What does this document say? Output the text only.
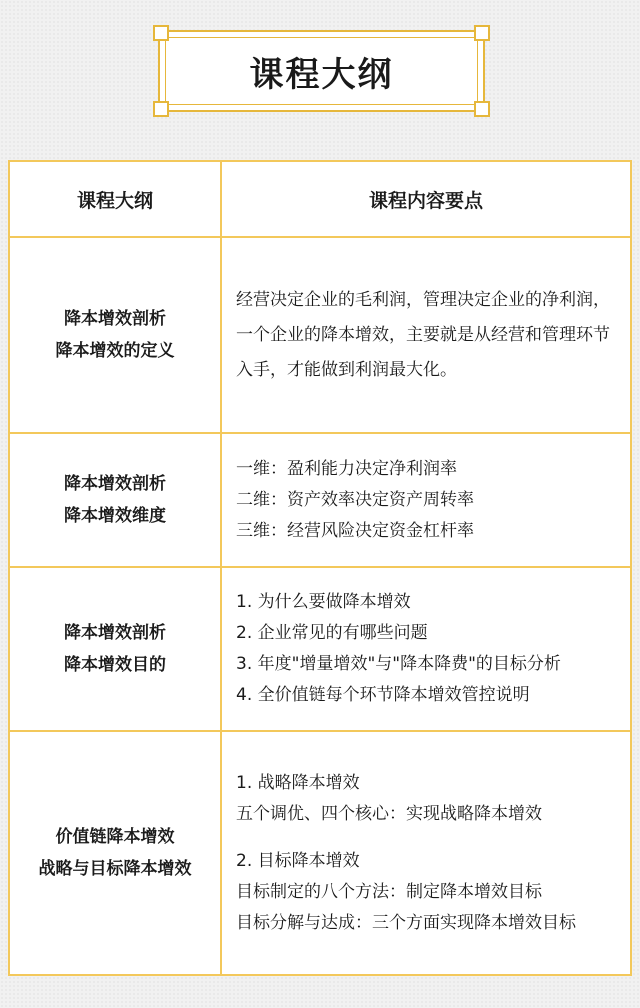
课程大纲
课程大纲	课程内容要点

降本增效剖析
降本增效的定义	经营决定企业的毛利润，管理决定企业的净利润，一个企业的降本增效，主要就是从经营和管理环节入手，才能做到利润最大化。

降本增效剖析
降本增效维度	一维：盈利能力决定净利润率
二维：资产效率决定资产周转率
三维：经营风险决定资金杠杆率

降本增效剖析
降本增效目的	1. 为什么要做降本增效
2. 企业常见的有哪些问题
3. 年度"增量增效"与"降本降费"的目标分析
4. 全价值链每个环节降本增效管控说明

价值链降本增效
战略与目标降本增效	1. 战略降本增效
五个调优、四个核心：实现战略降本增效
2. 目标降本增效
目标制定的八个方法：制定降本增效目标
目标分解与达成：三个方面实现降本增效目标
